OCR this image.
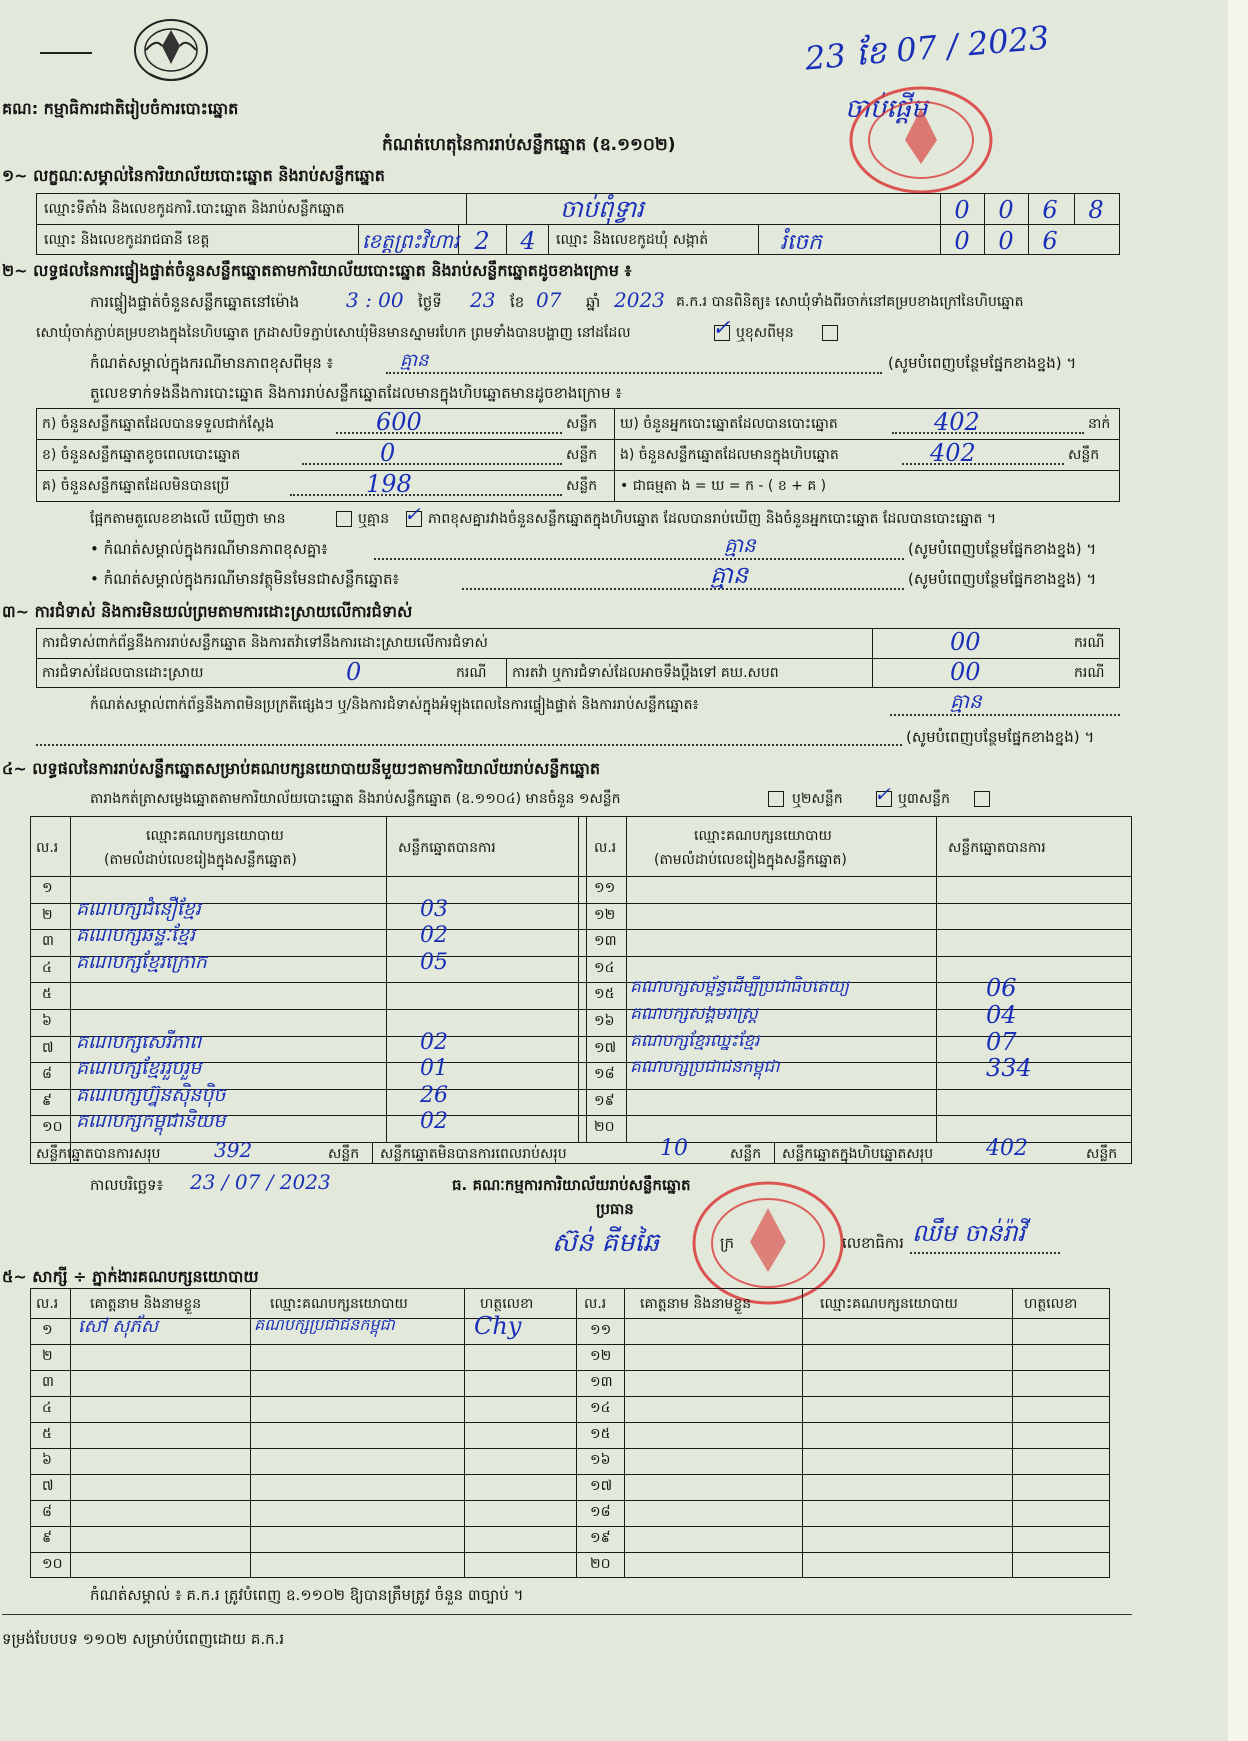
គណ: កម្មាធិការជាតិរៀបចំការបោះឆ្នោត
កំណត់ហេតុនៃការរាប់សន្លឹកឆ្នោត (ឧ.១១០២)
23 ខែ 07 / 2023
ចាប់ផ្ដើម
១~ លក្ខណៈសម្គាល់នៃការិយាល័យបោះឆ្នោត និងរាប់សន្លឹកឆ្នោត
ឈ្មោះទីតាំង និងលេខកូដការិ.បោះឆ្នោត និងរាប់សន្លឹកឆ្នោត	ចាប់ពុំទ្វារ	0	0	6	8
ឈ្មោះ និងលេខកូដរាជធានី ខេត្ត	ខេត្តព្រះវិហារ 2	4	ឈ្មោះ និងលេខកូដឃុំ សង្កាត់	រំចេក	0	0	6
២~ លទ្ធផលនៃការផ្ទៀងផ្ទាត់ចំនួនសន្លឹកឆ្នោតតាមការិយាល័យបោះឆ្នោត និងរាប់សន្លឹកឆ្នោតដូចខាងក្រោម ៖
ការផ្ទៀងផ្ទាត់ចំនួនសន្លឹកឆ្នោតនៅម៉ោង 3 : 00 ថ្ងៃទី 23 ខែ 07 ឆ្នាំ 2023 គ.ក.រ បានពិនិត្យ៖ សោឃុំទាំងពីរចាក់នៅគម្របខាងក្រៅនៃហិបឆ្នោត
សោឃុំចាក់ភ្ជាប់គម្របខាងក្នុងនៃហិបឆ្នោត ក្រដាសបិទភ្ជាប់សោឃុំមិនមានស្នាមរហែក ព្រមទាំងបានបង្ហាញ នៅដដែល	✓ ឬខុសពីមុន
កំណត់សម្គាល់ក្នុងករណីមានភាពខុសពីមុន ៖	គ្មាន	(សូមបំពេញបន្ថែមផ្នែកខាងខ្នង) ។
តួលេខទាក់ទងនឹងការបោះឆ្នោត និងការរាប់សន្លឹកឆ្នោតដែលមានក្នុងហិបឆ្នោតមានដូចខាងក្រោម ៖
ក) ចំនួនសន្លឹកឆ្នោតដែលបានទទួលជាក់ស្ដែង	600	សន្លឹក
ខ) ចំនួនសន្លឹកឆ្នោតខូចពេលបោះឆ្នោត	0	សន្លឹក
គ) ចំនួនសន្លឹកឆ្នោតដែលមិនបានប្រើ	198	សន្លឹក
ឃ) ចំនួនអ្នកបោះឆ្នោតដែលបានបោះឆ្នោត	402	នាក់
ង) ចំនួនសន្លឹកឆ្នោតដែលមានក្នុងហិបឆ្នោត	402	សន្លឹក
• ជាធម្មតា ង = ឃ = ក - ( ខ + គ )
ផ្អែកតាមតួលេខខាងលើ ឃើញថា មាន	ឬគ្មាន ✓ ភាពខុសគ្នារវាងចំនួនសន្លឹកឆ្នោតក្នុងហិបឆ្នោត ដែលបានរាប់ឃើញ និងចំនួនអ្នកបោះឆ្នោត ដែលបានបោះឆ្នោត ។
• កំណត់សម្គាល់ក្នុងករណីមានភាពខុសគ្នា៖	គ្មាន	(សូមបំពេញបន្ថែមផ្នែកខាងខ្នង) ។
• កំណត់សម្គាល់ក្នុងករណីមានវត្ថុមិនមែនជាសន្លឹកឆ្នោត៖	គ្មាន	(សូមបំពេញបន្ថែមផ្នែកខាងខ្នង) ។
៣~ ការជំទាស់ និងការមិនយល់ព្រមតាមការដោះស្រាយលើការជំទាស់
ការជំទាស់ពាក់ព័ន្ធនឹងការរាប់សន្លឹកឆ្នោត និងការតវ៉ាទៅនឹងការដោះស្រាយលើការជំទាស់	00	ករណី
ការជំទាស់ដែលបានដោះស្រាយ	0	ករណី ការតវ៉ា ឬការជំទាស់ដែលអាចទឹងប្ដឹងទៅ គឃ.សបព	00	ករណី
កំណត់សម្គាល់ពាក់ព័ន្ធនឹងភាពមិនប្រក្រតីផ្សេងៗ ឬ/និងការជំទាស់ក្នុងអំឡុងពេលនៃការផ្ទៀងផ្ទាត់ និងការរាប់សន្លឹកឆ្នោត៖	គ្មាន
(សូមបំពេញបន្ថែមផ្នែកខាងខ្នង) ។
៤~ លទ្ធផលនៃការរាប់សន្លឹកឆ្នោតសម្រាប់គណបក្សនយោបាយនីមួយៗតាមការិយាល័យរាប់សន្លឹកឆ្នោត
តារាងកត់ត្រាសម្លេងឆ្នោតតាមការិយាល័យបោះឆ្នោត និងរាប់សន្លឹកឆ្នោត (ឧ.១១០៤) មានចំនួន ១សន្លឹក	ឬ២សន្លឹក ✓ ឬ៣សន្លឹក
ល.រ
ឈ្មោះគណបក្សនយោបាយ
(តាមលំដាប់លេខរៀងក្នុងសន្លឹកឆ្នោត)
សន្លឹកឆ្នោតបានការ	ល.រ
ឈ្មោះគណបក្សនយោបាយ
(តាមលំដាប់លេខរៀងក្នុងសន្លឹកឆ្នោត)
សន្លឹកឆ្នោតបានការ
១
២ គណបក្សជំនឿខ្មែរ	03
៣ គណបក្សឆន្ទៈខ្មែរ	02
៤ គណបក្សខ្មែរក្រោក	05
៥
៦
៧ គណបក្សសេរីភាព	02
៨ គណបក្សខ្មែររួបរួម	01
៩ គណបក្សហ្វ៊ុនស៊ិនប៉ិច	26
១០ គណបក្សកម្ពុជានិយម	02
១១
១២
១៣
១៤
១៥ គណបក្សសម្ព័ន្ធដើម្បីប្រជាធិបតេយ្យ	06
១៦ គណបក្សសង្គមរាស្ត្រ	04
១៧ គណបក្សខ្មែរឈ្នះខ្មែរ	07
១៨ គណបក្សប្រជាជនកម្ពុជា	334
១៩
២០
សន្លឹកឆ្នោតបានការសរុប	392	សន្លឹក សន្លឹកឆ្នោតមិនបានការពេលរាប់សរុប	10	សន្លឹក សន្លឹកឆ្នោតក្នុងហិបឆ្នោតសរុប 402	សន្លឹក
កាលបរិច្ឆេទ៖ 23 / 07 / 2023	ធ. គណៈកម្មការការិយាល័យរាប់សន្លឹកឆ្នោត
ប្រធាន
ស៊ន់ គីមឆៃ	ក្រ	លេខាធិការ ឈឹម ចាន់រ៉ាវី
៥~ សាក្សី ÷ ភ្នាក់ងារគណបក្សនយោបាយ
ល.រ គោត្តនាម និងនាមខ្លួន	ឈ្មោះគណបក្សនយោបាយ	ហត្ថលេខា	ល.រ គោត្តនាម និងនាមខ្លួន	ឈ្មោះគណបក្សនយោបាយ	ហត្ថលេខា
១ សៅ សុភ័ស	គណបក្សប្រជាជនកម្ពុជា	Chy
២
៣
៤
៥
៦
៧
៨
៩
១០
១១
១២
១៣
១៤
១៥
១៦
១៧
១៨
១៩
២០
កំណត់សម្គាល់ ៖ គ.ក.រ ត្រូវបំពេញ ឧ.១១០២ ឱ្យបានត្រឹមត្រូវ ចំនួន ៣ច្បាប់ ។
ទម្រង់បែបបទ ១១០២ សម្រាប់បំពេញដោយ គ.ក.រ
